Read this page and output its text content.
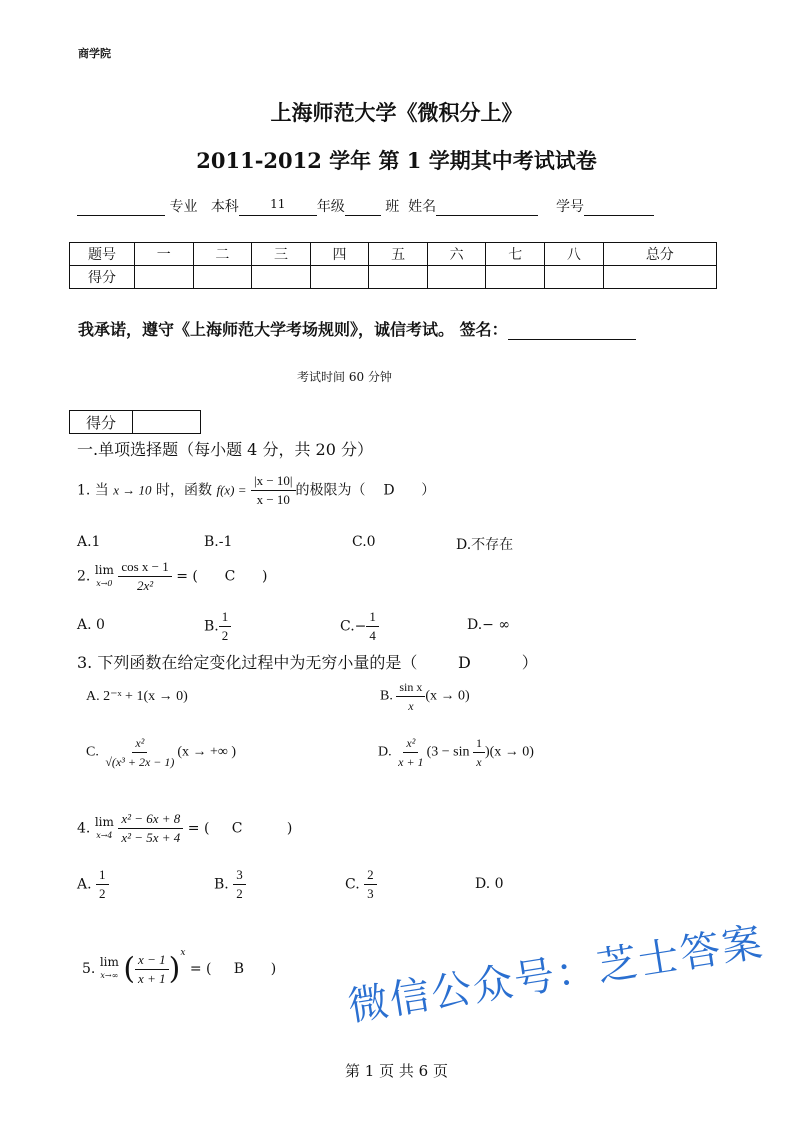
商学院
上海师范大学《微积分上》
2011-2012 学年 第 1 学期其中考试试卷
专业 本科	11 年级	班 姓名	学号
题号	一	二	三	四	五	六	七	八	总分
得分									
我承诺，遵守《上海师范大学考场规则》，诚信考试。 签名：
考试时间 60 分钟
得分	
一.单项选择题（每小题 4 分，共 20 分）
1. 当 x → 10 时，函数 $f(x) = \frac{|x - 10|}{x - 10}$ 的极限为（ D ）
A.1	B.-1	C.0	D.不存在
2. lim
x→0
$\frac{\text{cos x − 1}}{\text{2x²}}$ = ( C )
A. 0	B. $\frac{1}{2}$	$C.- \frac{1}{4}$	D.− ∞
3. 下列函数在给定变化过程中为无穷小量的是（	D	）
A. 2⁻ˣ + 1(x → 0)	B. $\frac{\text{sin x}}{x} (x \to 0)$
C. $\frac{\text{x²}}{\text{√(x³ + 2x − 1)}} (x$ → +∞ )	D. $\frac{\text{x²}}{x + 1} (3 - \sin \frac{1}{x} )(x \to 0)$
4. lim
x→4
$\frac{\text{x² − 6x + 8}}{\text{x² − 5x + 4}}$ = ( C	)
A. $\frac{1}{2}$	B. $\frac{3}{2}$	C. $\frac{2}{3}$	D. 0
5. lim
x→∞ ( $\frac{x - 1}{x + 1} )^x$ = ( B )
第 1 页 共 6 页
微信公众号：芝士答案
